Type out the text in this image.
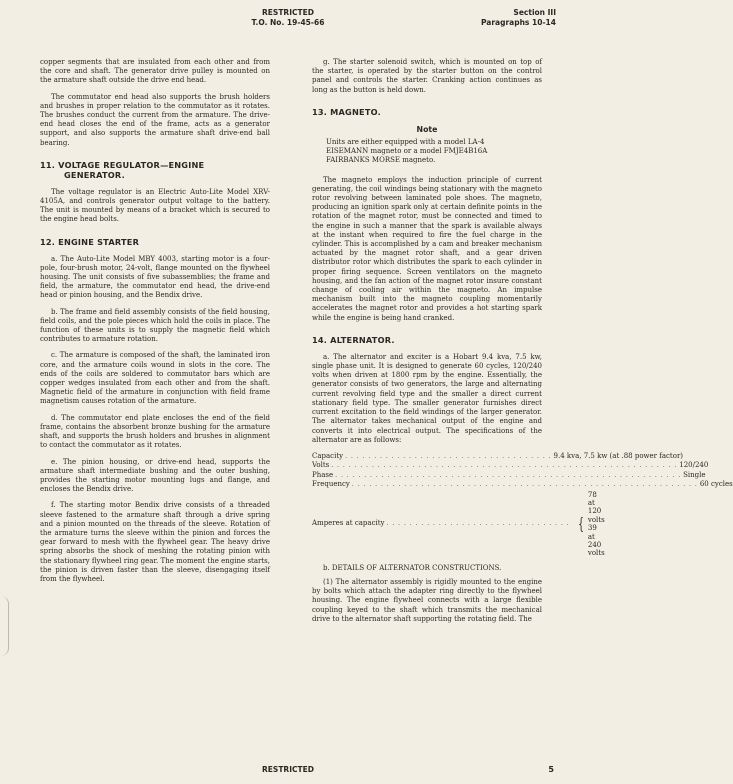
RESTRICTED
T.O. No. 19-45-66
Section III
Paragraphs 10-14

copper segments that are insulated from each other and from the core and shaft. The generator drive pulley is mounted on the armature shaft outside the drive end head.

The commutator end head also supports the brush holders and brushes in proper relation to the commutator as it rotates. The brushes conduct the current from the armature. The drive-end head closes the end of the frame, acts as a generator support, and also supports the armature shaft drive-end ball bearing.

11. VOLTAGE REGULATOR—ENGINE
GENERATOR.

The voltage regulator is an Electric Auto-Lite Model XRV-4105A, and controls generator output voltage to the battery. The unit is mounted by means of a bracket which is secured to the engine head bolts.

12. ENGINE STARTER

a. The Auto-Lite Model MBY 4003, starting motor is a four-pole, four-brush motor, 24-volt, flange mounted on the flywheel housing. The unit consists of five subassemblies; the frame and field, the armature, the commutator end head, the drive-end head or pinion housing, and the Bendix drive.

b. The frame and field assembly consists of the field housing, field coils, and the pole pieces which hold the coils in place. The function of these units is to supply the magnetic field which contributes to armature rotation.

c. The armature is composed of the shaft, the laminated iron core, and the armature coils wound in slots in the core. The ends of the coils are soldered to commutator bars which are copper wedges insulated from each other and from the shaft. Magnetic field of the armature in conjunction with field frame magnetism causes rotation of the armature.

d. The commutator end plate encloses the end of the field frame, contains the absorbent bronze bushing for the armature shaft, and supports the brush holders and brushes in alignment to contact the commutator as it rotates.

e. The pinion housing, or drive-end head, supports the armature shaft intermediate bushing and the outer bushing, provides the starting motor mounting lugs and flange, and encloses the Bendix drive.

f. The starting motor Bendix drive consists of a threaded sleeve fastened to the armature shaft through a drive spring and a pinion mounted on the threads of the sleeve. Rotation of the armature turns the sleeve within the pinion and forces the gear forward to mesh with the flywheel gear. The heavy drive spring absorbs the shock of meshing the rotating pinion with the stationary flywheel ring gear. The moment the engine starts, the pinion is driven faster than the sleeve, disengaging itself from the flywheel.

g. The starter solenoid switch, which is mounted on top of the starter, is operated by the starter button on the control panel and controls the starter. Cranking action continues as long as the button is held down.

13. MAGNETO.
Note

Units are either equipped with a model LA-4 EISEMANN magneto or a model FMJE4B16A FAIRBANKS MORSE magneto.

The magneto employs the induction principle of current generating, the coil windings being stationary with the magneto rotor revolving between laminated pole shoes. The magneto, producing an ignition spark only at certain definite points in the rotation of the magnet rotor, must be connected and timed to the engine in such a manner that the spark is available always at the instant when required to fire the fuel charge in the cylinder. This is accomplished by a cam and breaker mechanism actuated by the magnet rotor shaft, and a gear driven distributor rotor which distributes the spark to each cylinder in proper firing sequence. Screen ventilators on the magneto housing, and the fan action of the magnet rotor insure constant change of cooling air within the magneto. An impulse mechanism built into the magneto coupling momentarily accelerates the magnet rotor and provides a hot starting spark while the engine is being hand cranked.

14. ALTERNATOR.

a. The alternator and exciter is a Hobart 9.4 kva, 7.5 kw, single phase unit. It is designed to generate 60 cycles, 120/240 volts when driven at 1800 rpm by the engine. Essentially, the generator consists of two generators, the large and alternating current revolving field type and the smaller a direct current stationary field type. The smaller generator furnishes direct current excitation to the field windings of the larger generator. The alternator takes mechanical output of the engine and converts it into electrical output. The specifications of the alternator are as follows:

Capacity . . . . . . . . . . . . . . . . . . . . . . . . . . . . . . . . . . . . 9.4 kva, 7.5 kw (at .88 power factor)
Volts . . . . . . . . . . . . . . . . . . . . . . . . . . . . . . . . . . . . . . . . . . . . . . . . . . . . . . . . . . . . 120/240
Phase . . . . . . . . . . . . . . . . . . . . . . . . . . . . . . . . . . . . . . . . . . . . . . . . . . . . . . . . . . . . Single
Frequency . . . . . . . . . . . . . . . . . . . . . . . . . . . . . . . . . . . . . . . . . . . . . . . . . . . . . . . . . . . . 60 cycles
Amperes at capacity . . . . . . . . . . . . . . . . . . . . . . . . . . . . . . . . {
78 at 120 volts
39 at 240 volts

b. DETAILS OF ALTERNATOR CONSTRUCTIONS.

(1) The alternator assembly is rigidly mounted to the engine by bolts which attach the adapter ring directly to the flywheel housing. The engine flywheel connects with a large flexible coupling keyed to the shaft which transmits the mechanical drive to the alternator shaft supporting the rotating field. The

RESTRICTED	5
